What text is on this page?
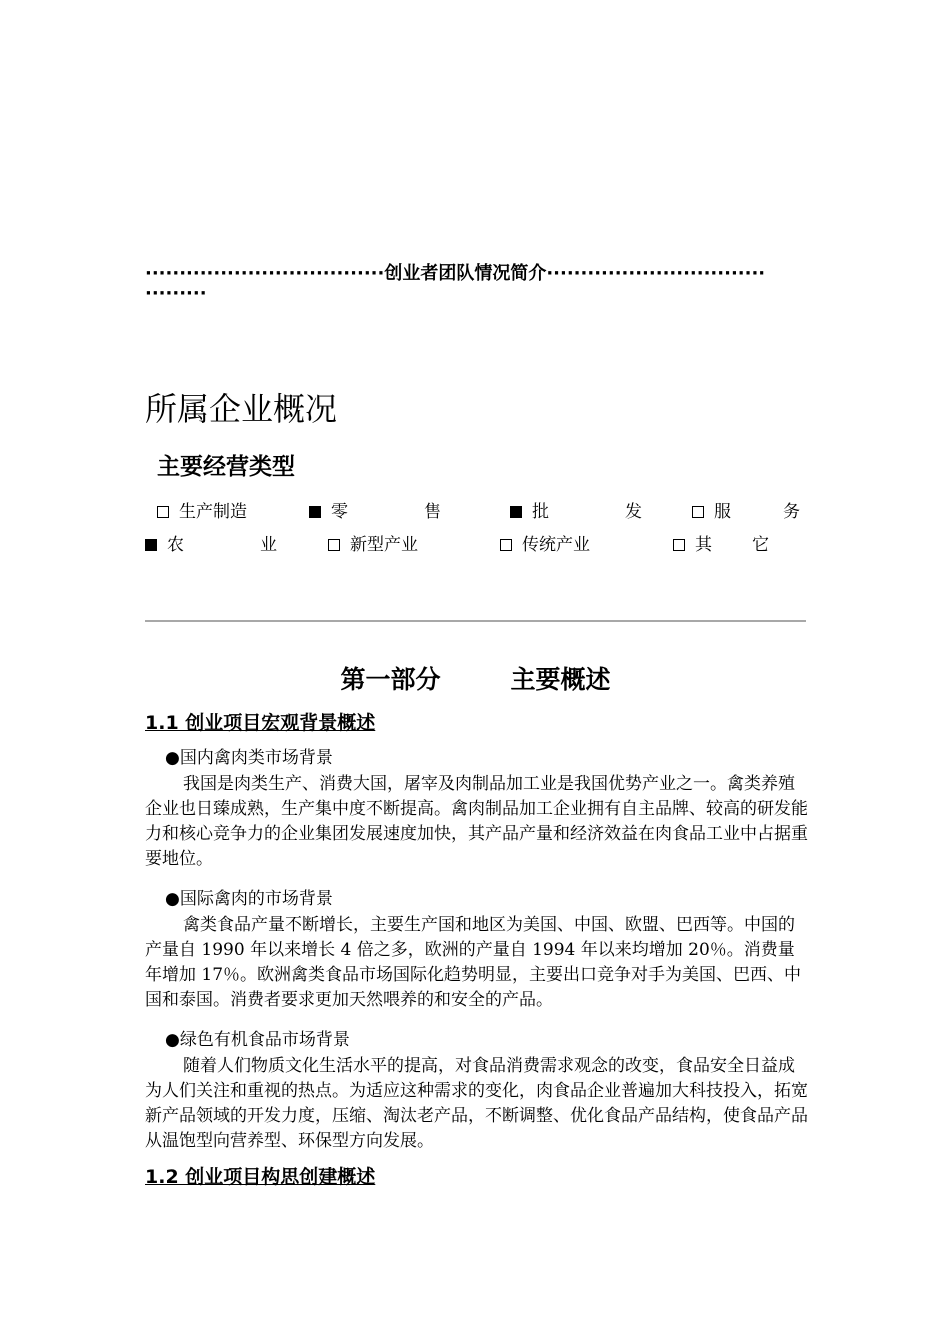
···································创业者团队情况简介································
·········
所属企业概况
主要经营类型
生产制造	零　　售	批　　发	服　　务
农　　业	新型产业	传统产业	其　　它
第一部分	主要概述
1.1 创业项目宏观背景概述
●国内禽肉类市场背景

我国是肉类生产、消费大国，屠宰及肉制品加工业是我国优势产业之一。禽类养殖企业也日臻成熟，生产集中度不断提高。禽肉制品加工企业拥有自主品牌、较高的研发能力和核心竞争力的企业集团发展速度加快，其产品产量和经济效益在肉食品工业中占据重要地位。

●国际禽肉的市场背景

禽类食品产量不断增长，主要生产国和地区为美国、中国、欧盟、巴西等。中国的产量自 1990 年以来增长 4 倍之多，欧洲的产量自 1994 年以来均增加 20％。消费量年增加 17％。欧洲禽类食品市场国际化趋势明显，主要出口竞争对手为美国、巴西、中国和泰国。消费者要求更加天然喂养的和安全的产品。

●绿色有机食品市场背景

随着人们物质文化生活水平的提高，对食品消费需求观念的改变，食品安全日益成为人们关注和重视的热点。为适应这种需求的变化，肉食品企业普遍加大科技投入，拓宽新产品领域的开发力度，压缩、淘汰老产品，不断调整、优化食品产品结构，使食品产品从温饱型向营养型、环保型方向发展。

1.2 创业项目构思创建概述
